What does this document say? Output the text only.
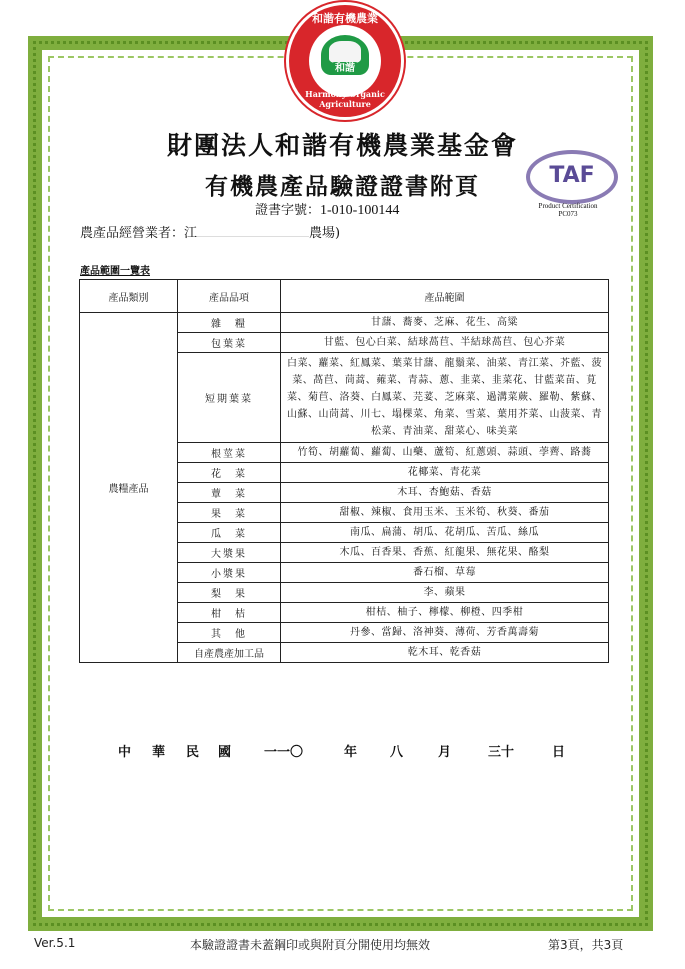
和諧有機農業
和諧
Harmony Organic Agriculture
財團法人和諧有機農業基金會
有機農產品驗證證書附頁
證書字號：1-010-100144
TAF
Product Certification
PC073
農產品經營業者：江	農場)
產品範圍一覽表
產品類別	產品品項	產品範圍
農糧產品	雜　糧	甘藷、蕎麥、芝麻、花生、高粱
	包葉菜	甘藍、包心白菜、結球萵苣、半結球萵苣、包心芥菜
	短期葉菜	白菜、蘿菜、紅鳳菜、葉菜甘藷、龍鬚菜、油菜、青江菜、芥藍、菠菜、萵苣、茼蒿、蕹菜、青蒜、蔥、韭菜、韭菜花、甘藍菜苗、莧菜、菊苣、洛葵、白鳳菜、芫荽、芝麻菜、過溝菜蕨、羅勒、紫蘇、山蘇、山茼蒿、川七、塌棵菜、角菜、雪菜、葉用芥菜、山菠菜、青松菜、青油菜、甜菜心、味美菜
	根莖菜	竹筍、胡蘿蔔、蘿蔔、山藥、蘆筍、紅蔥頭、蒜頭、荸薺、路蕎
	花　菜	花椰菜、青花菜
	蕈　菜	木耳、杏鮑菇、香菇
	果　菜	甜椒、辣椒、食用玉米、玉米筍、秋葵、番茄
	瓜　菜	南瓜、扁蒲、胡瓜、花胡瓜、苦瓜、絲瓜
	大漿果	木瓜、百香果、香蕉、紅龍果、無花果、酪梨
	小漿果	番石榴、草莓
	梨　果	李、蘋果
	柑　桔	柑桔、柚子、檸檬、柳橙、四季柑
	其　他	丹參、當歸、洛神葵、薄荷、芳香萬壽菊
	自產農產加工品	乾木耳、乾香菇
中 華 民 國	一一〇	年	八	月	三十	日
Ver.5.1	本驗證證書未蓋鋼印或與附頁分開使用均無效	第3頁，共3頁
